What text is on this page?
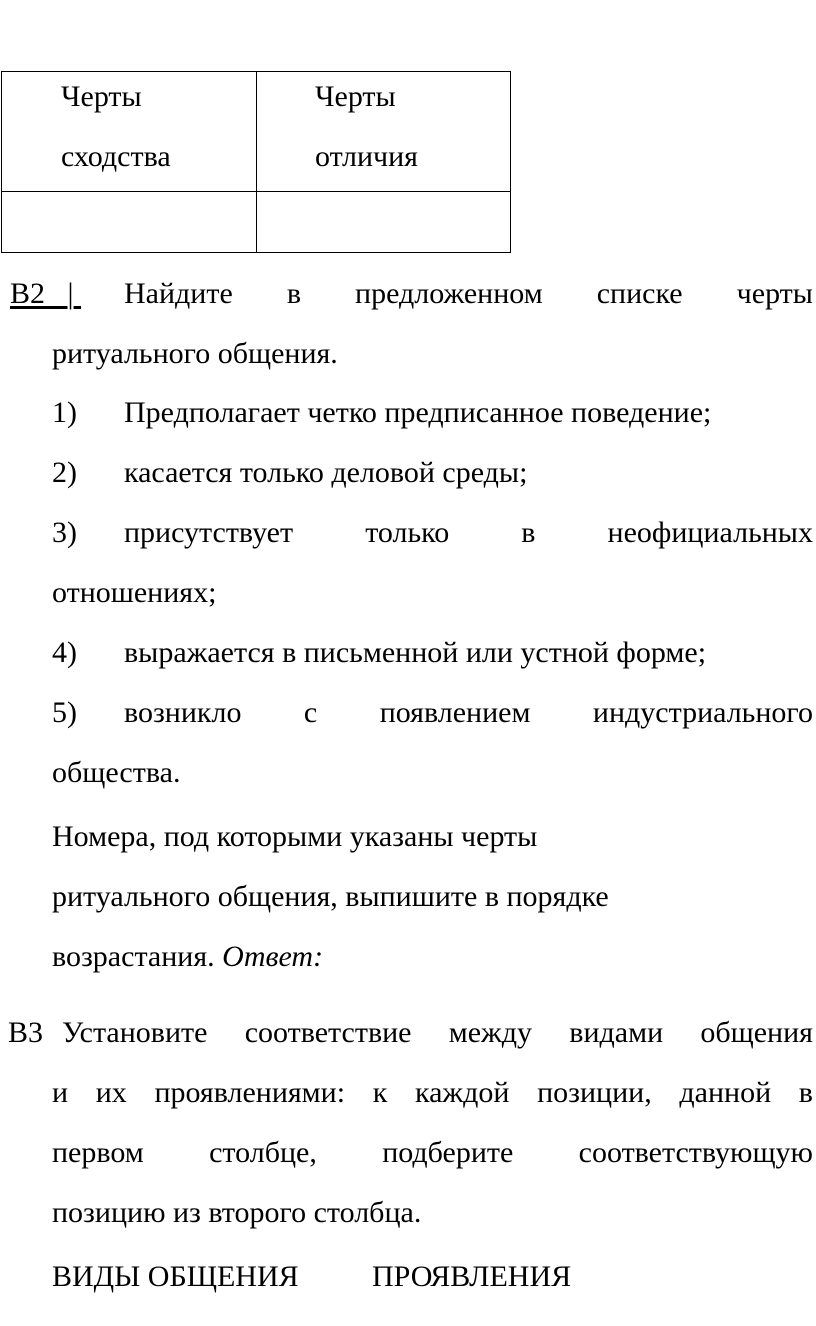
Черты
сходства
Черты
отличия
В2 | Найдите в предложенном списке черты
ритуального общения.
1) Предполагает четко предписанное поведение;
2) касается только деловой среды;
3) присутствует только в неофициальных
отношениях;
4) выражается в письменной или устной форме;
5) возникло с появлением индустриального
общества.
Номера, под которыми указаны черты
ритуального общения, выпишите в порядке
возрастания. Ответ:
В3 Установите соответствие между видами общения
и их проявлениями: к каждой позиции, данной в
первом столбце, подберите соответствующую
позицию из второго столбца.
ВИДЫ ОБЩЕНИЯ ПРОЯВЛЕНИЯ
